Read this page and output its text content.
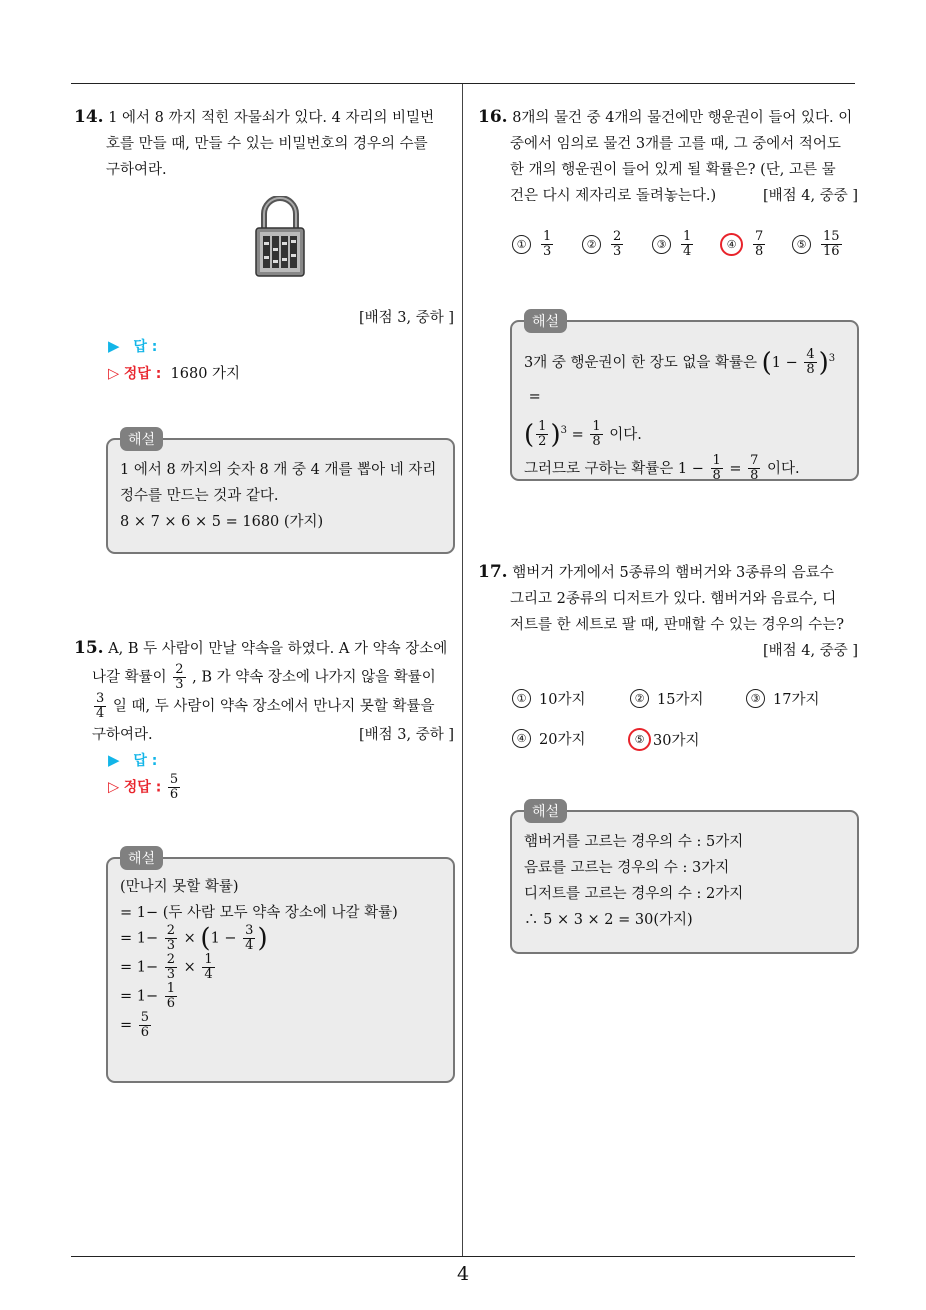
4
14. 1 에서 8 까지 적힌 자물쇠가 있다. 4 자리의 비밀번
호를 만들 때, 만들 수 있는 비밀번호의 경우의 수를
구하여라.
[배점 3, 중하 ]
▶ 답 :
▷ 정답 : 1680 가지
해설
1 에서 8 까지의 숫자 8 개 중 4 개를 뽑아 네 자리
정수를 만드는 것과 같다.
8 × 7 × 6 × 5 = 1680 (가지)
15. A, B 두 사람이 만날 약속을 하였다. A 가 약속 장소에
나갈 확률이 $\frac{2}{3}$ , B 가 약속 장소에 나가지 않을 확률이
$\frac{3}{4}$ 일 때, 두 사람이 약속 장소에서 만나지 못할 확률을
구하여라.	[배점 3, 중하 ]
▶ 답 :
▷ 정답 : $\frac{5}{6}$
해설
(만나지 못할 확률)
= 1− (두 사람 모두 약속 장소에 나갈 확률)
= $1- \frac{2}{3} \times (1 - \frac{3}{4}$ )
= $1- \frac{2}{3} \times \frac{1}{4}$
= $1- \frac{1}{6}$
= $\frac{5}{6}$
16. 8개의 물건 중 4개의 물건에만 행운권이 들어 있다. 이
중에서 임의로 물건 3개를 고를 때, 그 중에서 적어도
한 개의 행운권이 들어 있게 될 확률은? (단, 고른 물
건은 다시 제자리로 돌려놓는다.)	[배점 4, 중중 ]
①	$\frac{1}{3}$	②	$\frac{2}{3}$	③	$\frac{1}{4}$	④	$\frac{7}{8}$	⑤	$\frac{15}{16}$
해설
3개 중 행운권이 한 장도 없을 확률은 $(1 - \frac{4}{8} )^3$  =
( $\frac{1}{2} )^3 = \frac{1}{8}$ 이다.
그러므로 구하는 확률은 $1 - \frac{1}{8} = \frac{7}{8}$ 이다.
17. 햄버거 가게에서 5종류의 햄버거와 3종류의 음료수
그리고 2종류의 디저트가 있다. 햄버거와 음료수, 디
저트를 한 세트로 팔 때, 판매할 수 있는 경우의 수는?
[배점 4, 중중 ]
① 10가지	② 15가지	③ 17가지
④ 20가지	⑤ 30가지
해설
햄버거를 고르는 경우의 수 : 5가지
음료를 고르는 경우의 수 : 3가지
디저트를 고르는 경우의 수 : 2가지
∴ 5 × 3 × 2 = 30(가지)
